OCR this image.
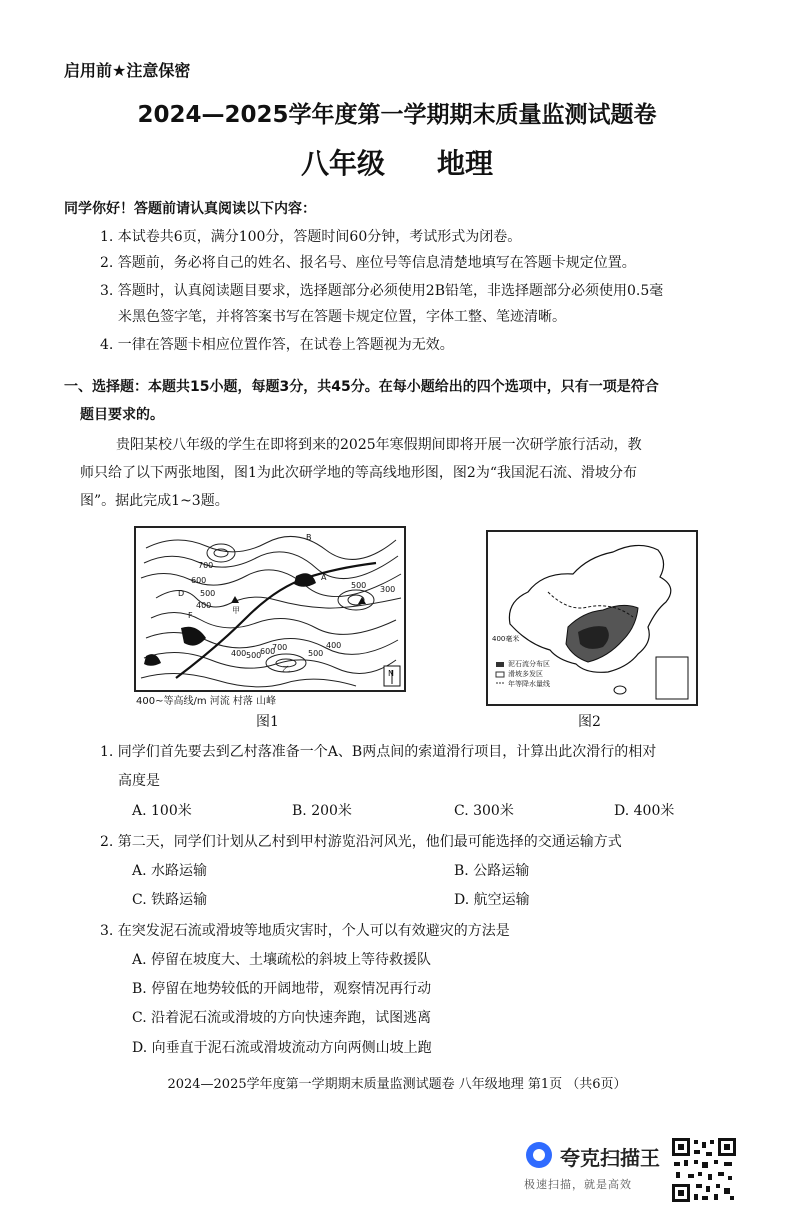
启用前★注意保密
2024—2025学年度第一学期期末质量监测试题卷
八年级 地理
同学你好！答题前请认真阅读以下内容：
1. 本试卷共6页，满分100分，答题时间60分钟，考试形式为闭卷。
2. 答题前，务必将自己的姓名、报名号、座位号等信息清楚地填写在答题卡规定位置。
3. 答题时，认真阅读题目要求，选择题部分必须使用2B铅笔，非选择题部分必须使用0.5毫
米黑色签字笔，并将答案书写在答题卡规定位置，字体工整、笔迹清晰。
4. 一律在答题卡相应位置作答，在试卷上答题视为无效。
一、选择题：本题共15小题，每题3分，共45分。在每小题给出的四个选项中，只有一项是符合
题目要求的。
贵阳某校八年级的学生在即将到来的2025年寒假期间即将开展一次研学旅行活动，教
师只给了以下两张地图，图1为此次研学地的等高线地形图，图2为“我国泥石流、滑坡分布
图”。据此完成1~3题。
B
A
D
F
甲
乙
700
600
500
400
400 500
600
700
500
400
500 300
N
400~等高线/m 河流 村落 山峰
图1
400毫米
泥石流分布区
滑坡多发区
年等降水量线
图2
1. 同学们首先要去到乙村落准备一个A、B两点间的索道滑行项目，计算出此次滑行的相对
高度是
A. 100米	B. 200米	C. 300米	D. 400米
2. 第二天，同学们计划从乙村到甲村游览沿河风光，他们最可能选择的交通运输方式
A. 水路运输	B. 公路运输
C. 铁路运输	D. 航空运输
3. 在突发泥石流或滑坡等地质灾害时，个人可以有效避灾的方法是
A. 停留在坡度大、土壤疏松的斜坡上等待救援队
B. 停留在地势较低的开阔地带，观察情况再行动
C. 沿着泥石流或滑坡的方向快速奔跑，试图逃离
D. 向垂直于泥石流或滑坡流动方向两侧山坡上跑
2024—2025学年度第一学期期末质量监测试题卷 八年级地理 第1页 （共6页）
夸克扫描王
极速扫描，就是高效
